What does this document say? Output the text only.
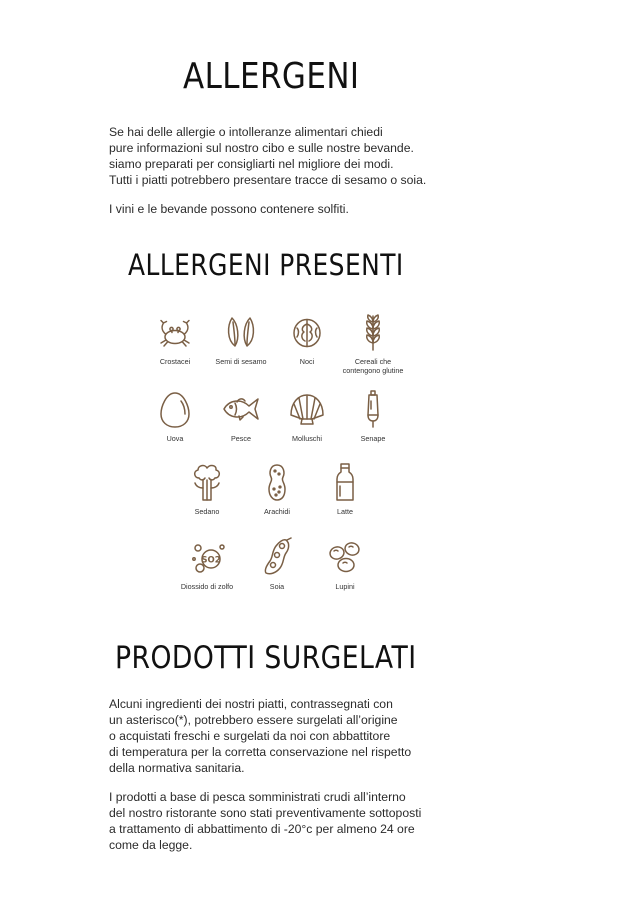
ALLERGENI
Se hai delle allergie o intolleranze alimentari chiedi
pure informazioni sul nostro cibo e sulle nostre bevande.
siamo preparati per consigliarti nel migliore dei modi.
Tutti i piatti potrebbero presentare tracce di sesamo o soia.
I vini e le bevande possono contenere solfiti.
ALLERGENI PRESENTI
Crostacei	Semi di sesamo	Noci	Cereali che
contengono glutine
Uova	Pesce	Molluschi	Senape
Sedano	Arachidi	Latte
SO2
Diossido di zolfo	Soia	Lupini
PRODOTTI SURGELATI
Alcuni ingredienti dei nostri piatti, contrassegnati con
un asterisco(*), potrebbero essere surgelati all’origine
o acquistati freschi e surgelati da noi con abbattitore
di temperatura per la corretta conservazione nel rispetto
della normativa sanitaria.
I prodotti a base di pesca somministrati crudi all’interno
del nostro ristorante sono stati preventivamente sottoposti
a trattamento di abbattimento di -20°c per almeno 24 ore
come da legge.
